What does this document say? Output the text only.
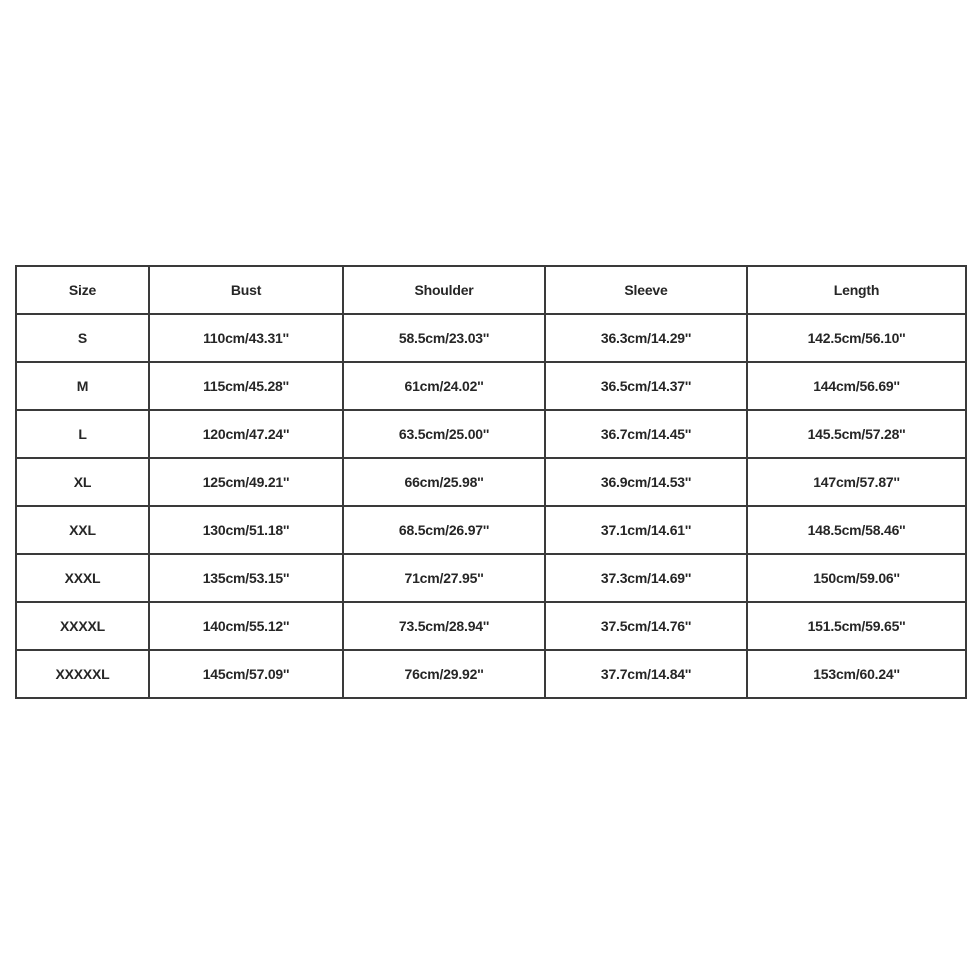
Size	Bust	Shoulder	Sleeve	Length
S	110cm/43.31''	58.5cm/23.03''	36.3cm/14.29''	142.5cm/56.10''
M	115cm/45.28''	61cm/24.02''	36.5cm/14.37''	144cm/56.69''
L	120cm/47.24''	63.5cm/25.00''	36.7cm/14.45''	145.5cm/57.28''
XL	125cm/49.21''	66cm/25.98''	36.9cm/14.53''	147cm/57.87''
XXL	130cm/51.18''	68.5cm/26.97''	37.1cm/14.61''	148.5cm/58.46''
XXXL	135cm/53.15''	71cm/27.95''	37.3cm/14.69''	150cm/59.06''
XXXXL	140cm/55.12''	73.5cm/28.94''	37.5cm/14.76''	151.5cm/59.65''
XXXXXL	145cm/57.09''	76cm/29.92''	37.7cm/14.84''	153cm/60.24''
